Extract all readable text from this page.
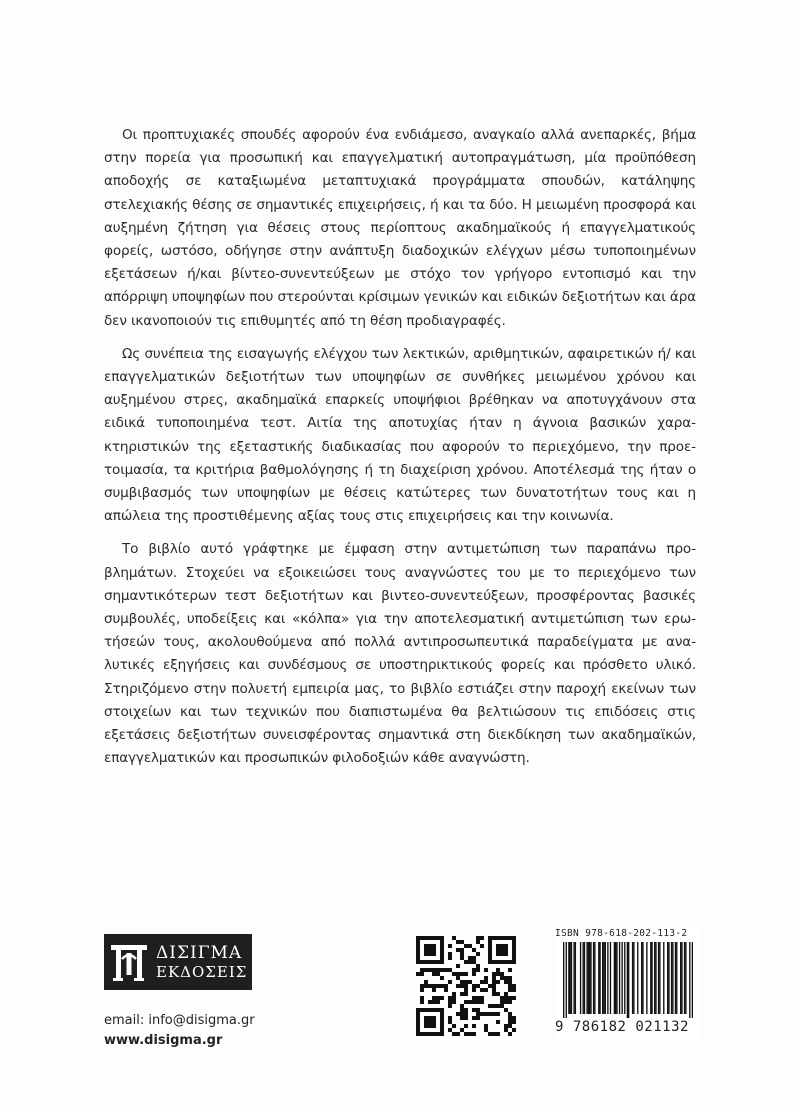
Οι προπτυχιακές σπουδές αφορούν ένα ενδιάμεσο, αναγκαίο αλλά ανεπαρκές, βήμα στην πορεία για προσωπική και επαγγελματική αυτοπραγμάτωση, μία προϋπόθεση αποδοχής σε καταξιωμένα μεταπτυχιακά προγράμματα σπουδών, κατάληψης στελεχιακής θέσης σε σημαντικές επιχειρήσεις, ή και τα δύο. Η μειωμένη προσφορά και αυξημένη ζήτηση για θέσεις στους περίοπτους ακαδημαϊκούς ή επαγγελματικούς φορείς, ωστόσο, οδήγησε στην ανάπτυξη διαδοχικών ελέγχων μέσω τυποποιημένων εξετάσεων ή/και βίντεο-συνεντεύξεων με στόχο τον γρήγορο εντοπισμό και την απόρριψη υποψηφίων που στερούνται κρίσιμων γενικών και ειδικών δεξιοτήτων και άρα δεν ικανοποιούν τις επιθυμητές από τη θέση προδιαγραφές.

Ως συνέπεια της εισαγωγής ελέγχου των λεκτικών, αριθμητικών, αφαιρετικών ή/ και επαγγελματικών δεξιοτήτων των υποψηφίων σε συνθήκες μειωμένου χρόνου και αυξημένου στρες, ακαδημαϊκά επαρκείς υποψήφιοι βρέθηκαν να αποτυγχάνουν στα ειδικά τυποποιημένα τεστ. Αιτία της αποτυχίας ήταν η άγνοια βασικών χαρακτηριστικών της εξεταστικής διαδικασίας που αφορούν το περιεχόμενο, την προετοιμασία, τα κριτήρια βαθμολόγησης ή τη διαχείριση χρόνου. Αποτέλεσμά της ήταν ο συμβιβασμός των υποψηφίων με θέσεις κατώτερες των δυνατοτήτων τους και η απώλεια της προστιθέμενης αξίας τους στις επιχειρήσεις και την κοινωνία.

Το βιβλίο αυτό γράφτηκε με έμφαση στην αντιμετώπιση των παραπάνω προβλημάτων. Στοχεύει να εξοικειώσει τους αναγνώστες του με το περιεχόμενο των σημαντικότερων τεστ δεξιοτήτων και βιντεο-συνεντεύξεων, προσφέροντας βασικές συμβουλές, υποδείξεις και «κόλπα» για την αποτελεσματική αντιμετώπιση των ερωτήσεών τους, ακολουθούμενα από πολλά αντιπροσωπευτικά παραδείγματα με αναλυτικές εξηγήσεις και συνδέσμους σε υποστηρικτικούς φορείς και πρόσθετο υλικό. Στηριζόμενο στην πολυετή εμπειρία μας, το βιβλίο εστιάζει στην παροχή εκείνων των στοιχείων και των τεχνικών που διαπιστωμένα θα βελτιώσουν τις επιδόσεις στις εξετάσεις δεξιοτήτων συνεισφέροντας σημαντικά στη διεκδίκηση των ακαδημαϊκών, επαγγελματικών και προσωπικών φιλοδοξιών κάθε αναγνώστη.

ΔΙΣΙΓΜΑ
ΕΚΔΟΣΕΙΣ
email: info@disigma.gr
www.disigma.gr
ISBN 978-618-202-113-2
9 786182 021132
